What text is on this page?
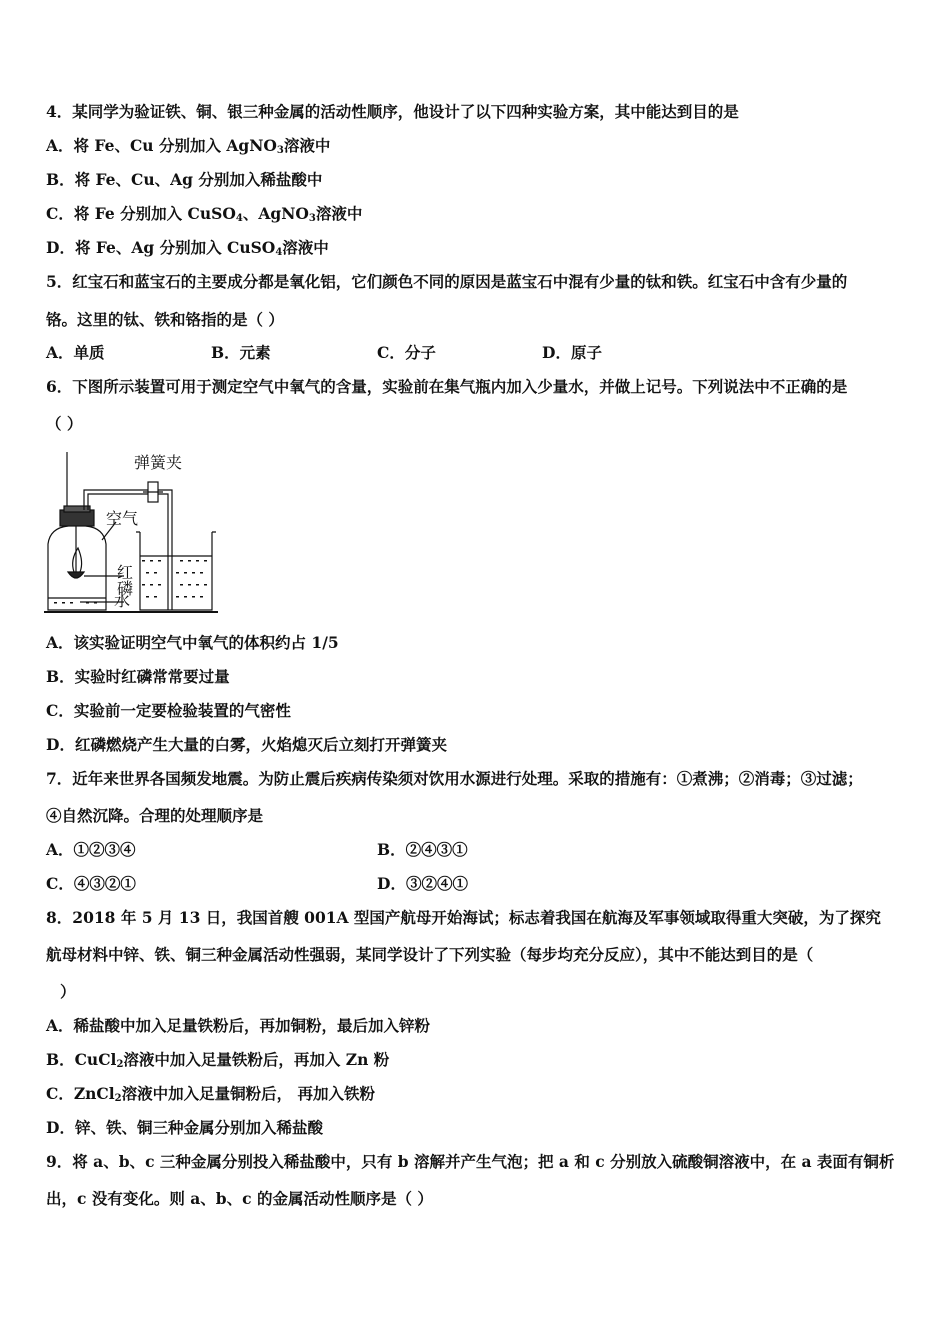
4．某同学为验证铁、铜、银三种金属的活动性顺序，他设计了以下四种实验方案，其中能达到目的是
A．将 Fe、Cu 分别加入 AgNO$_3$溶液中
B．将 Fe、Cu、Ag 分别加入稀盐酸中
C．将 Fe 分别加入 CuSO$_4$、AgNO$_3$溶液中
D．将 Fe、Ag 分别加入 CuSO$_4$溶液中
5．红宝石和蓝宝石的主要成分都是氧化铝，它们颜色不同的原因是蓝宝石中混有少量的钛和铁。红宝石中含有少量的
铬。这里的钛、铁和铬指的是（ ）
A．单质	B．元素	C．分子	D．原子
6．下图所示装置可用于测定空气中氧气的含量，实验前在集气瓶内加入少量水，并做上记号。下列说法中不正确的是
（ ）
弹簧夹
空气
红磷
水
A．该实验证明空气中氧气的体积约占 1/5
B．实验时红磷常常要过量
C．实验前一定要检验装置的气密性
D．红磷燃烧产生大量的白雾，火焰熄灭后立刻打开弹簧夹
7．近年来世界各国频发地震。为防止震后疾病传染须对饮用水源进行处理。采取的措施有：①煮沸；②消毒；③过滤；
④自然沉降。合理的处理顺序是
A．①②③④	B．②④③①
C．④③②①	D．③②④①
8．2018 年 5 月 13 日，我国首艘 001A 型国产航母开始海试；标志着我国在航海及军事领域取得重大突破，为了探究
航母材料中锌、铁、铜三种金属活动性强弱，某同学设计了下列实验（每步均充分反应），其中不能达到目的是（
）
A．稀盐酸中加入足量铁粉后，再加铜粉，最后加入锌粉
B．CuCl$_2$溶液中加入足量铁粉后，再加入 Zn 粉
C．ZnCl$_2$溶液中加入足量铜粉后， 再加入铁粉
D．锌、铁、铜三种金属分别加入稀盐酸
9．将 a、b、c 三种金属分别投入稀盐酸中，只有 b 溶解并产生气泡；把 a 和 c 分别放入硫酸铜溶液中，在 a 表面有铜析
出，c 没有变化。则 a、b、c 的金属活动性顺序是（ ）
